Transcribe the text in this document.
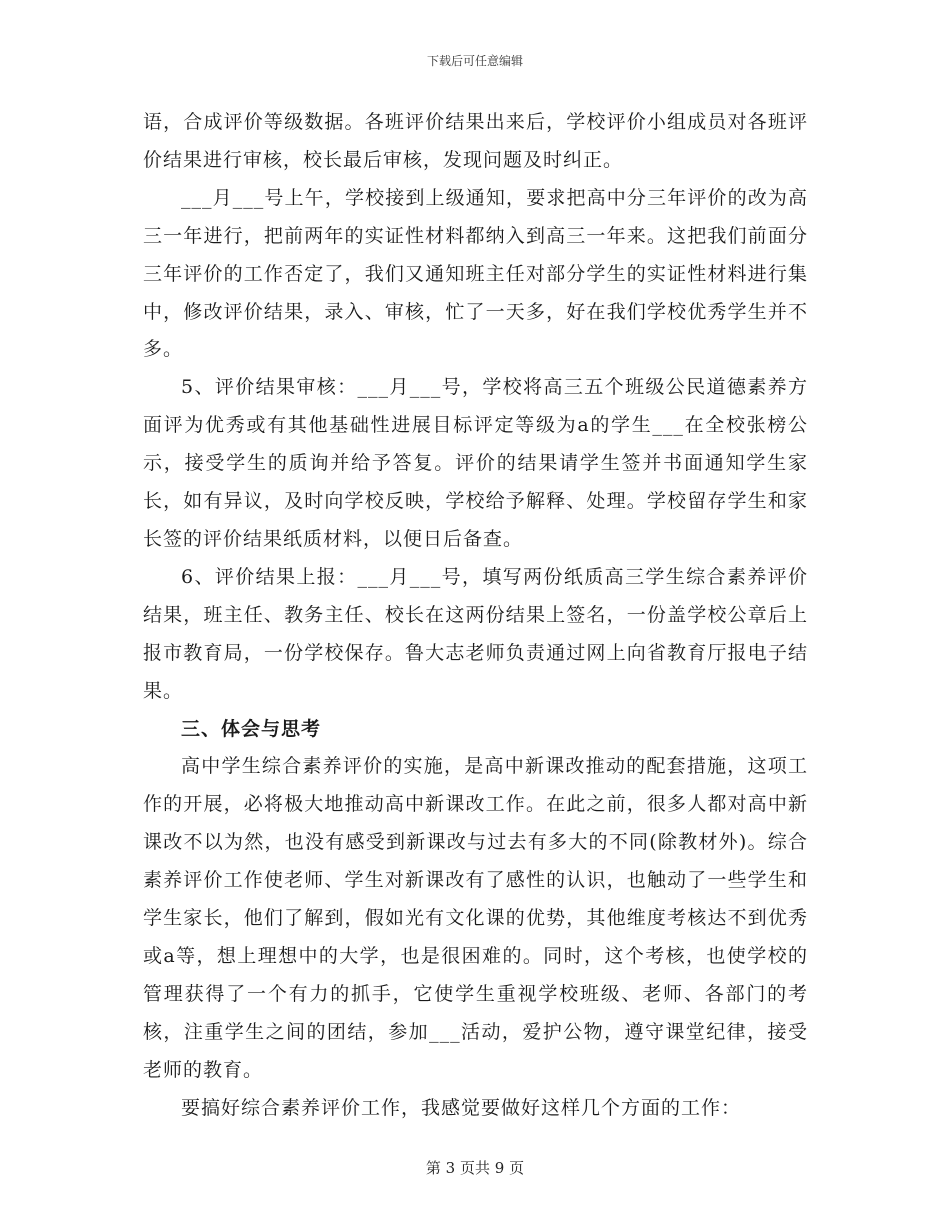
下载后可任意编辑

语，合成评价等级数据。各班评价结果出来后，学校评价小组成员对各班评价结果进行审核，校长最后审核，发现问题及时纠正。

___月___号上午，学校接到上级通知，要求把高中分三年评价的改为高三一年进行，把前两年的实证性材料都纳入到高三一年来。这把我们前面分三年评价的工作否定了，我们又通知班主任对部分学生的实证性材料进行集中，修改评价结果，录入、审核，忙了一天多，好在我们学校优秀学生并不多。

5、评价结果审核：___月___号，学校将高三五个班级公民道德素养方面评为优秀或有其他基础性进展目标评定等级为a的学生___在全校张榜公示，接受学生的质询并给予答复。评价的结果请学生签并书面通知学生家长，如有异议，及时向学校反映，学校给予解释、处理。学校留存学生和家长签的评价结果纸质材料，以便日后备查。

6、评价结果上报：___月___号，填写两份纸质高三学生综合素养评价结果，班主任、教务主任、校长在这两份结果上签名，一份盖学校公章后上报市教育局，一份学校保存。鲁大志老师负责通过网上向省教育厅报电子结果。

三、体会与思考

高中学生综合素养评价的实施，是高中新课改推动的配套措施，这项工作的开展，必将极大地推动高中新课改工作。在此之前，很多人都对高中新课改不以为然，也没有感受到新课改与过去有多大的不同(除教材外)。综合素养评价工作使老师、学生对新课改有了感性的认识，也触动了一些学生和学生家长，他们了解到，假如光有文化课的优势，其他维度考核达不到优秀或a等，想上理想中的大学，也是很困难的。同时，这个考核，也使学校的管理获得了一个有力的抓手，它使学生重视学校班级、老师、各部门的考核，注重学生之间的团结，参加___活动，爱护公物，遵守课堂纪律，接受老师的教育。

要搞好综合素养评价工作，我感觉要做好这样几个方面的工作：

第 3 页共 9 页
